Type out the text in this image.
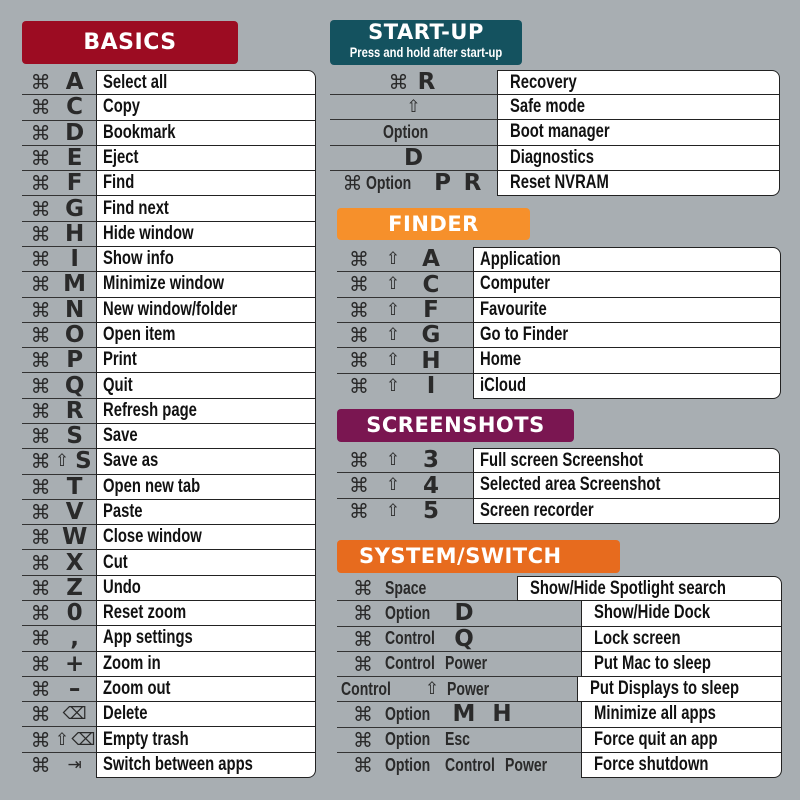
BASICS
⌘ A	Select all
⌘ C	Copy
⌘ D Bookmark
⌘ E	Eject
⌘ F	Find
⌘ G Find next
⌘ H Hide window
⌘ I	Show info
⌘ M Minimize window
⌘ N New window/folder
⌘ O Open item
⌘ P	Print
⌘ Q Quit
⌘ R	Refresh page
⌘ S	Save
⌘ ⇧ S Save as
⌘ T	Open new tab
⌘ V	Paste
⌘ W Close window
⌘ X	Cut
⌘ Z	Undo
⌘ 0	Reset zoom
⌘ ,	App settings
⌘ + Zoom in
⌘ –	Zoom out
⌘ ⌫ Delete
⌘ ⇧ ⌫ Empty trash
⌘ ⇥	Switch between apps
START-UP
Press and hold after start-up
⌘ R	Recovery
⇧	Safe mode
Option	Boot manager
D	Diagnostics
⌘ Option P R	Reset NVRAM
FINDER
⌘ ⇧ A	Application
⌘ ⇧ C	Computer
⌘ ⇧	F	Favourite
⌘ ⇧ G	Go to Finder
⌘ ⇧ H	Home
⌘ ⇧	I	iCloud
SCREENSHOTS
⌘ ⇧ 3	Full screen Screenshot
⌘ ⇧ 4	Selected area Screenshot
⌘ ⇧ 5	Screen recorder
SYSTEM/SWITCH
⌘ Space	Show/Hide Spotlight search
⌘ Option	D	Show/Hide Dock
⌘ Control Q	Lock screen
⌘ Control Power	Put Mac to sleep
Control	⇧ Power	Put Displays to sleep
⌘ Option M H	Minimize all apps
⌘ Option Esc	Force quit an app
⌘ Option Control Power Force shutdown
